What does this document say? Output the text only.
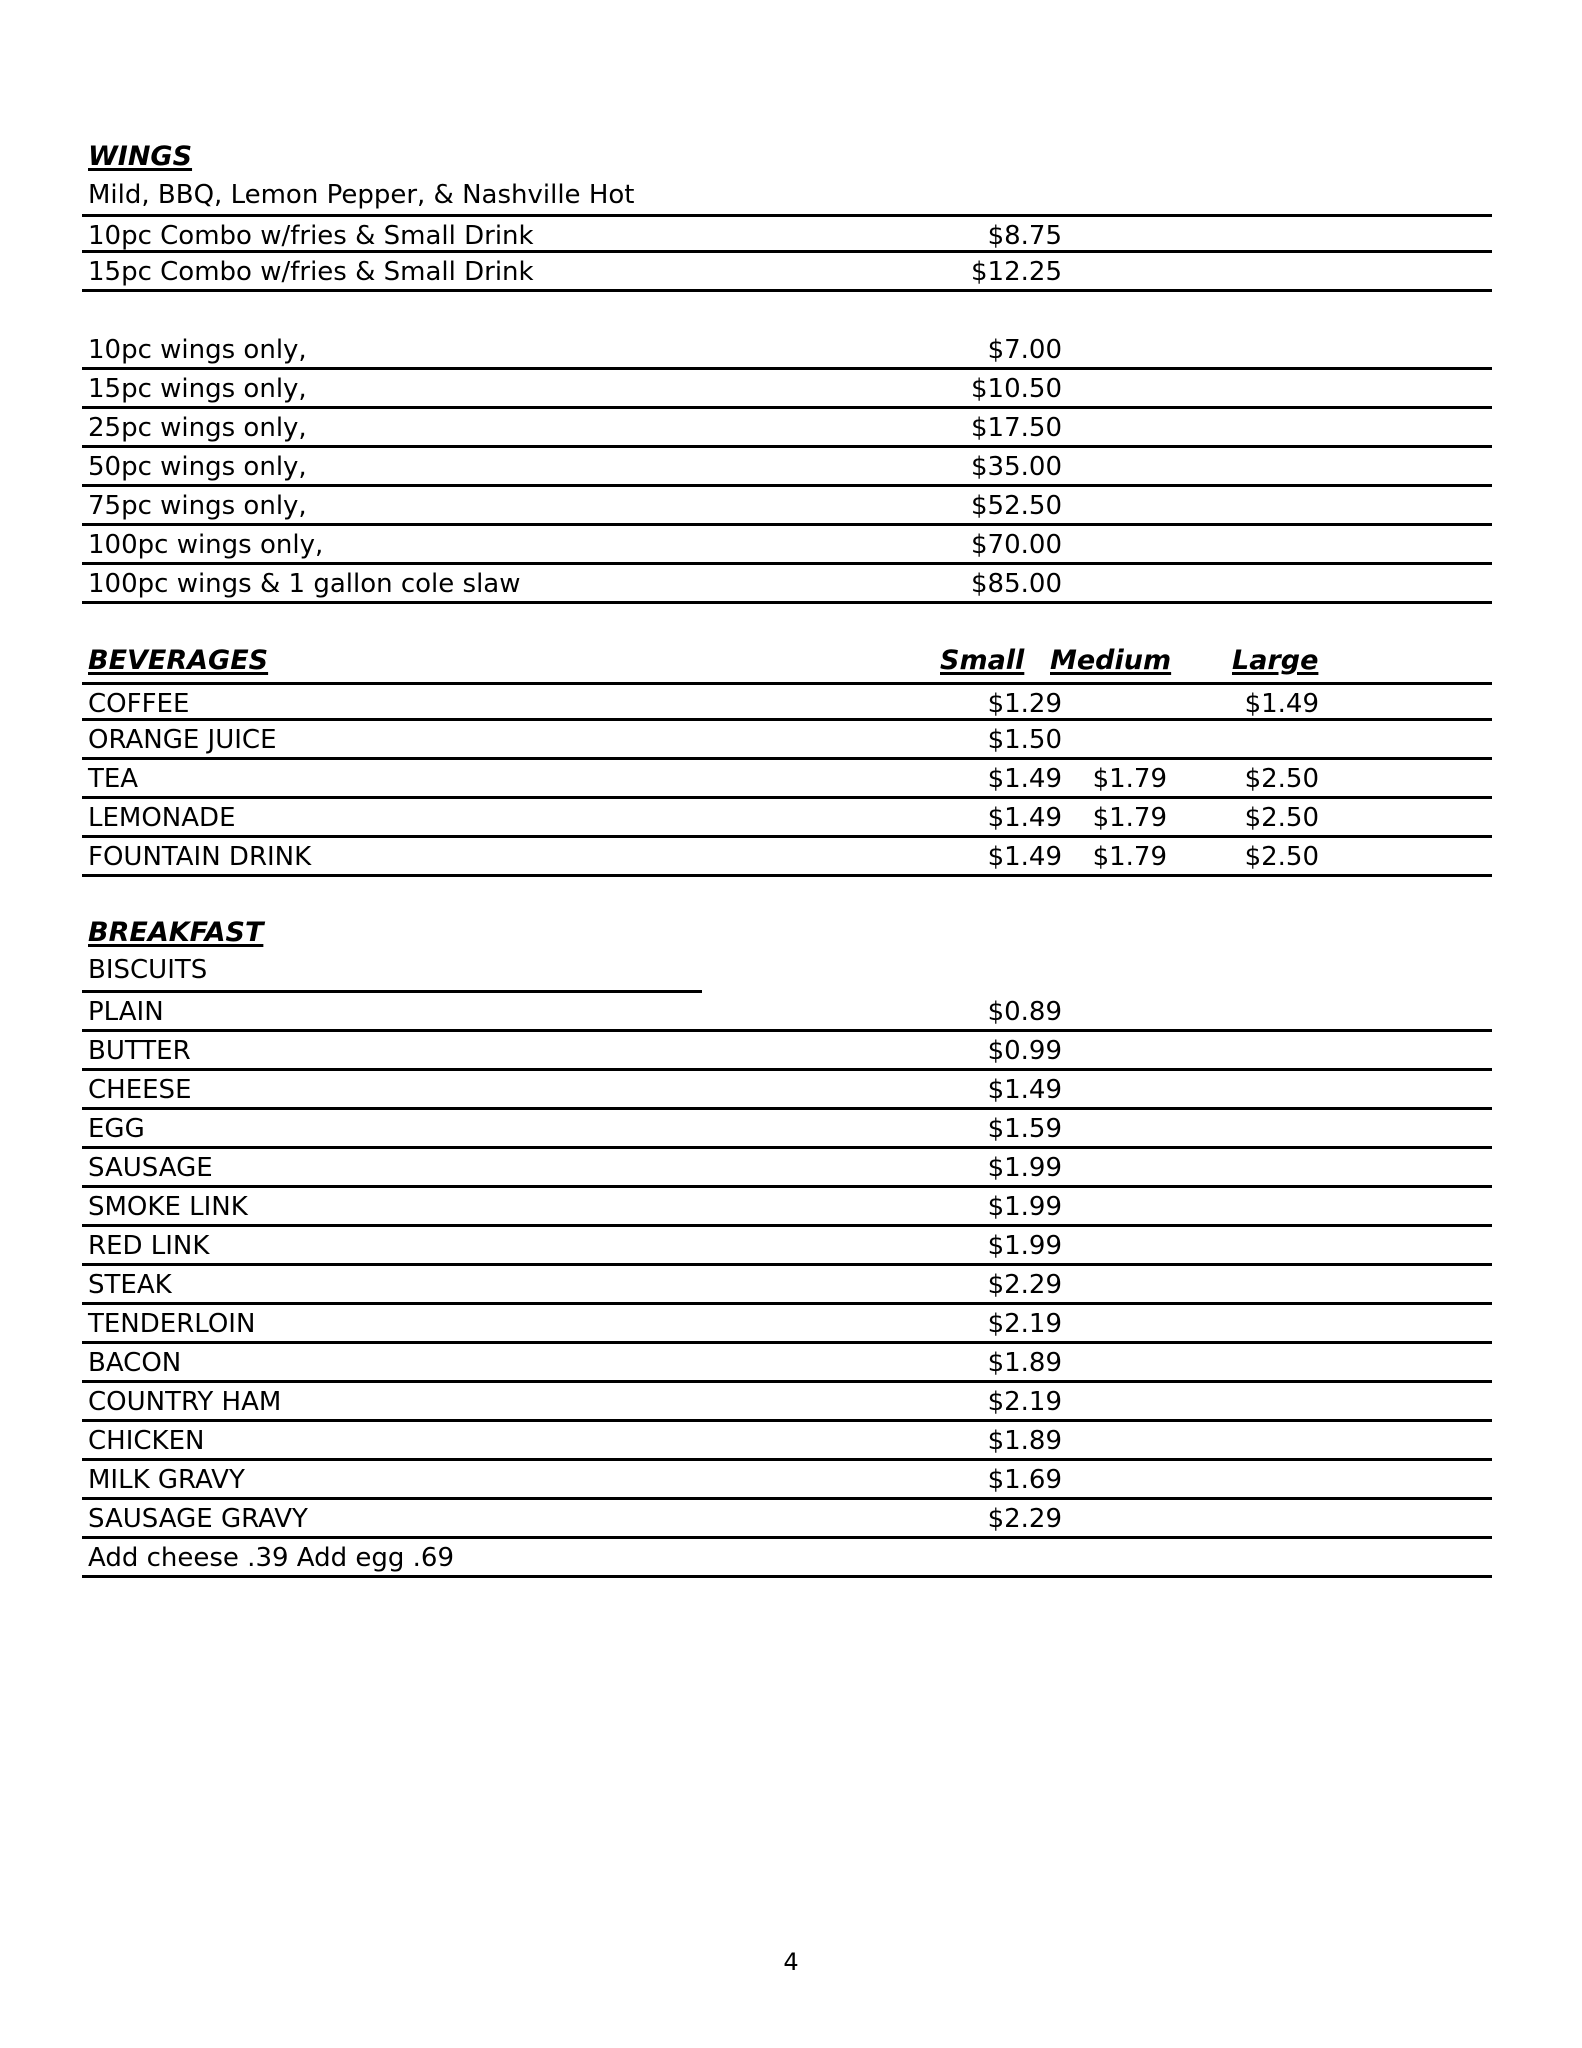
WINGS
Mild, BBQ, Lemon Pepper, & Nashville Hot
10pc Combo w/fries & Small Drink	$8.75
15pc Combo w/fries & Small Drink	$12.25
10pc wings only,	$7.00
15pc wings only,	$10.50
25pc wings only,	$17.50
50pc wings only,	$35.00
75pc wings only,	$52.50
100pc wings only,	$70.00
100pc wings & 1 gallon cole slaw	$85.00
BEVERAGES	Small Medium Large
COFFEE	$1.29	$1.49
ORANGE JUICE	$1.50
TEA	$1.49 $1.79	$2.50
LEMONADE	$1.49 $1.79	$2.50
FOUNTAIN DRINK	$1.49 $1.79	$2.50
BREAKFAST
BISCUITS
PLAIN	$0.89
BUTTER	$0.99
CHEESE	$1.49
EGG	$1.59
SAUSAGE	$1.99
SMOKE LINK	$1.99
RED LINK	$1.99
STEAK	$2.29
TENDERLOIN	$2.19
BACON	$1.89
COUNTRY HAM	$2.19
CHICKEN	$1.89
MILK GRAVY	$1.69
SAUSAGE GRAVY	$2.29
Add cheese .39 Add egg .69
4
